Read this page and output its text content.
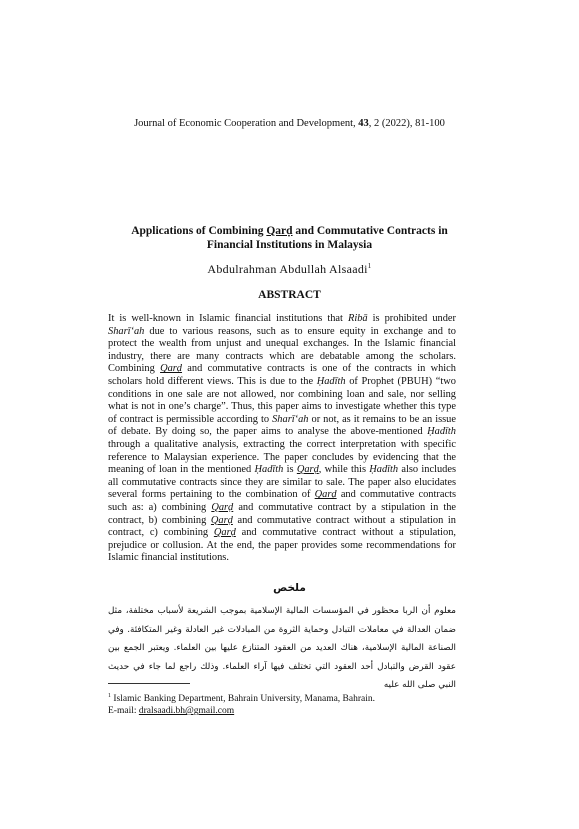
Journal of Economic Cooperation and Development, 43, 2 (2022), 81-100
Applications of Combining Qarḍ and Commutative Contracts in
Financial Institutions in Malaysia
Abdulrahman Abdullah Alsaadi$^1$
ABSTRACT
It is well-known in Islamic financial institutions that Ribā is prohibited under Sharīʻah due to various reasons, such as to ensure equity in exchange and to protect the wealth from unjust and unequal exchanges. In the Islamic financial industry, there are many contracts which are debatable among the scholars. Combining Qarḍ and commutative contracts is one of the contracts in which scholars hold different views. This is due to the Ḥadīth of Prophet (PBUH) “two conditions in one sale are not allowed, nor combining loan and sale, nor selling what is not in one’s charge”. Thus, this paper aims to investigate whether this type of contract is permissible according to Sharīʻah or not, as it remains to be an issue of debate. By doing so, the paper aims to analyse the above-mentioned Ḥadīth through a qualitative analysis, extracting the correct interpretation with specific reference to Malaysian experience. The paper concludes by evidencing that the meaning of loan in the mentioned Ḥadīth is Qarḍ, while this Ḥadīth also includes all commutative contracts since they are similar to sale. The paper also elucidates several forms pertaining to the combination of Qarḍ and commutative contracts such as: a) combining Qarḍ and commutative contract by a stipulation in the contract, b) combining Qarḍ and commutative contract without a stipulation in contract, c) combining Qarḍ and commutative contract without a stipulation, prejudice or collusion. At the end, the paper provides some recommendations for Islamic financial institutions.
ملخص
معلوم أن الربا محظور في المؤسسات المالية الإسلامية بموجب الشريعة لأسباب مختلفة، مثل ضمان العدالة في معاملات التبادل وحماية الثروة من المبادلات غير العادلة وغير المتكافئة. وفي الصناعة المالية الإسلامية، هناك العديد من العقود المتنازع عليها بين العلماء. ويعتبر الجمع بين عقود القرض والتبادل أحد العقود التي تختلف فيها آراء العلماء. وذلك راجع لما جاء في حديث النبي صلى الله عليه
$^1$ Islamic Banking Department, Bahrain University, Manama, Bahrain.
E-mail: dralsaadi.bh@gmail.com
